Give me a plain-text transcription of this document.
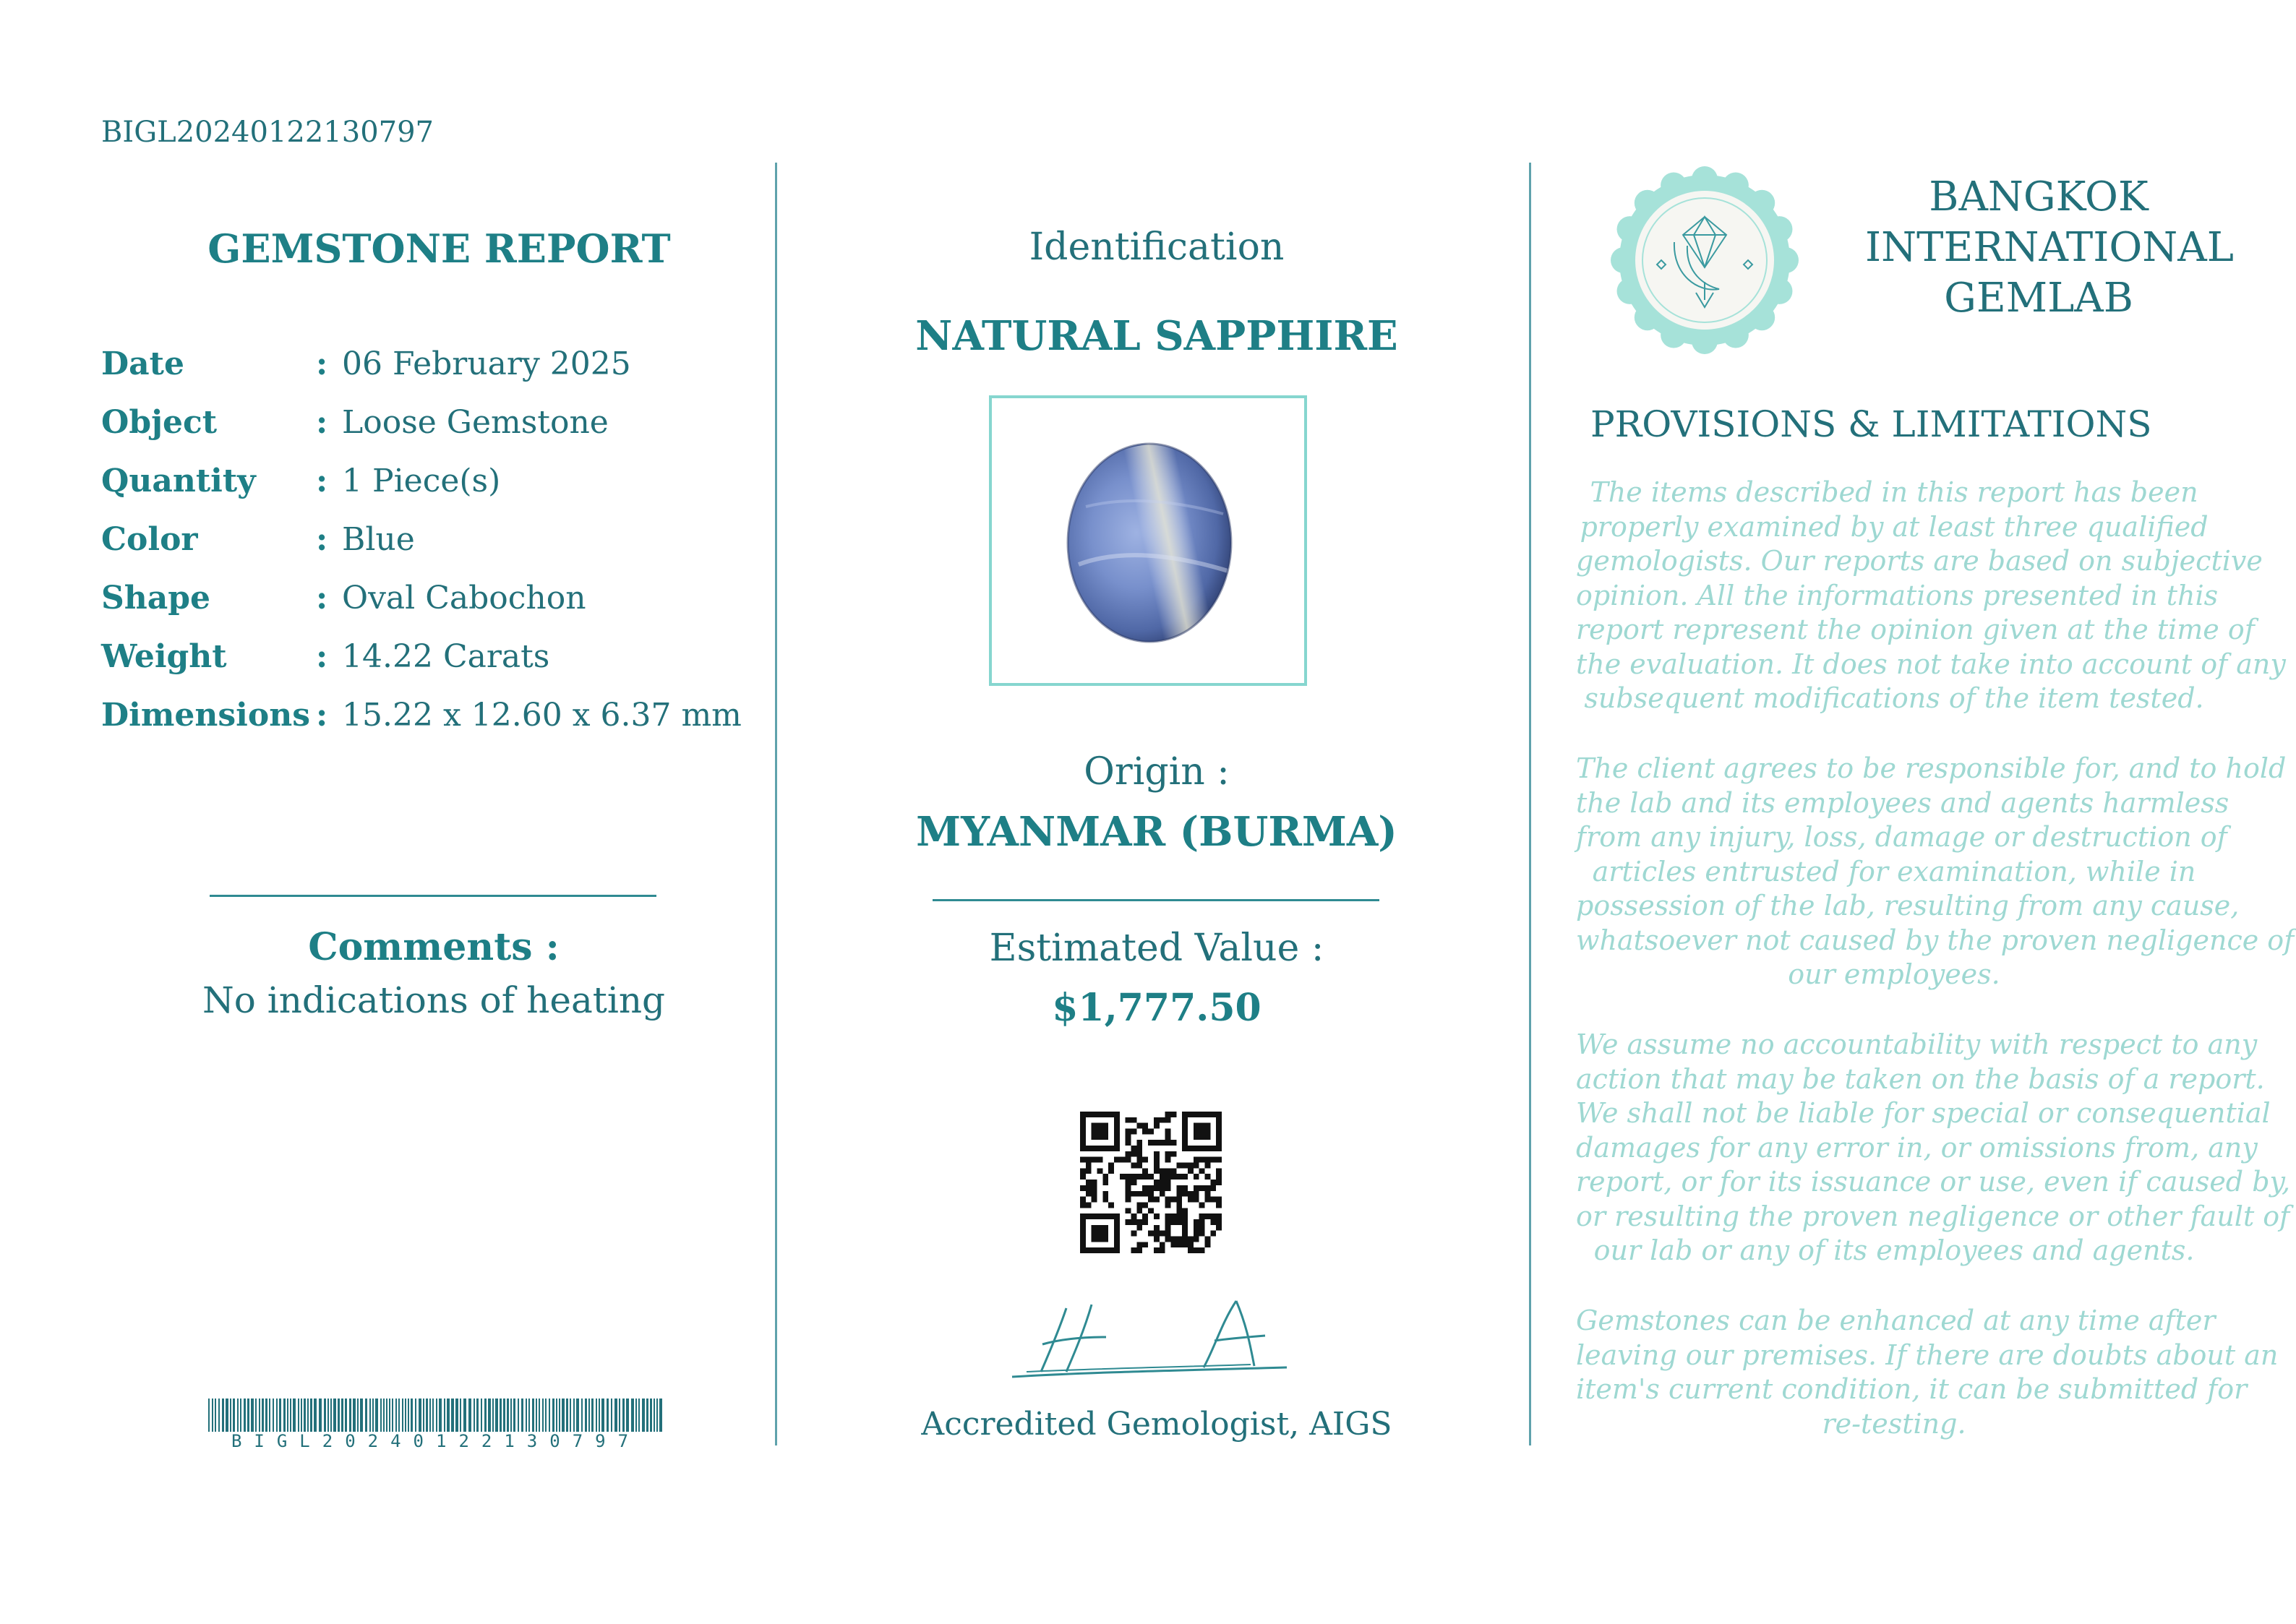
BIGL20240122130797
GEMSTONE REPORT
Date	: 06 February 2025
Object	: Loose Gemstone
Quantity : 1 Piece(s)
Color	: Blue
Shape	: Oval Cabochon
Weight	: 14.22 Carats
Dimensions : 15.22 x 12.60 x 6.37 mm
Comments :
No indications of heating
BIGL20240122130797
Identification
NATURAL SAPPHIRE
Origin :
MYANMAR (BURMA)
Estimated Value :
$1,777.50
Accredited Gemologist, AIGS
BANGKOK
INTERNATIONAL
GEMLAB
PROVISIONS & LIMITATIONS
The items described in this report has been
properly examined by at least three qualified
gemologists. Our reports are based on subjective
opinion. All the informations presented in this
report represent the opinion given at the time of
the evaluation. It does not take into account of any
subsequent modifications of the item tested.
The client agrees to be responsible for, and to hold
the lab and its employees and agents harmless
from any injury, loss, damage or destruction of
articles entrusted for examination, while in
possession of the lab, resulting from any cause,
whatsoever not caused by the proven negligence of
our employees.
We assume no accountability with respect to any
action that may be taken on the basis of a report.
We shall not be liable for special or consequential
damages for any error in, or omissions from, any
report, or for its issuance or use, even if caused by,
or resulting the proven negligence or other fault of
our lab or any of its employees and agents.
Gemstones can be enhanced at any time after
leaving our premises. If there are doubts about an
item's current condition, it can be submitted for
re-testing.
